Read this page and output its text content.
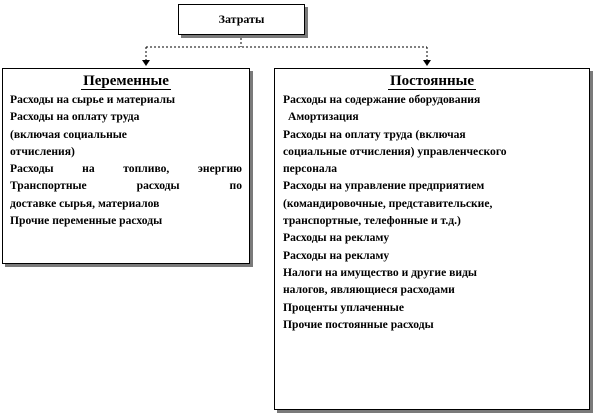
Затраты
Переменные
Расходы на сырье и материалы
Расходы на оплату труда
(включая социальные
отчисления)
Расходы на топливо, энергию
Транспортные расходы по
доставке сырья, материалов
Прочие переменные расходы
Постоянные
Расходы на содержание оборудования
Амортизация
Расходы на оплату труда (включая
социальные отчисления) управленческого
персонала
Расходы на управление предприятием
(командировочные, представительские,
транспортные, телефонные и т.д.)
Расходы на рекламу
Расходы на рекламу
Налоги на имущество и другие виды
налогов, являющиеся расходами
Проценты уплаченные
Прочие постоянные расходы
